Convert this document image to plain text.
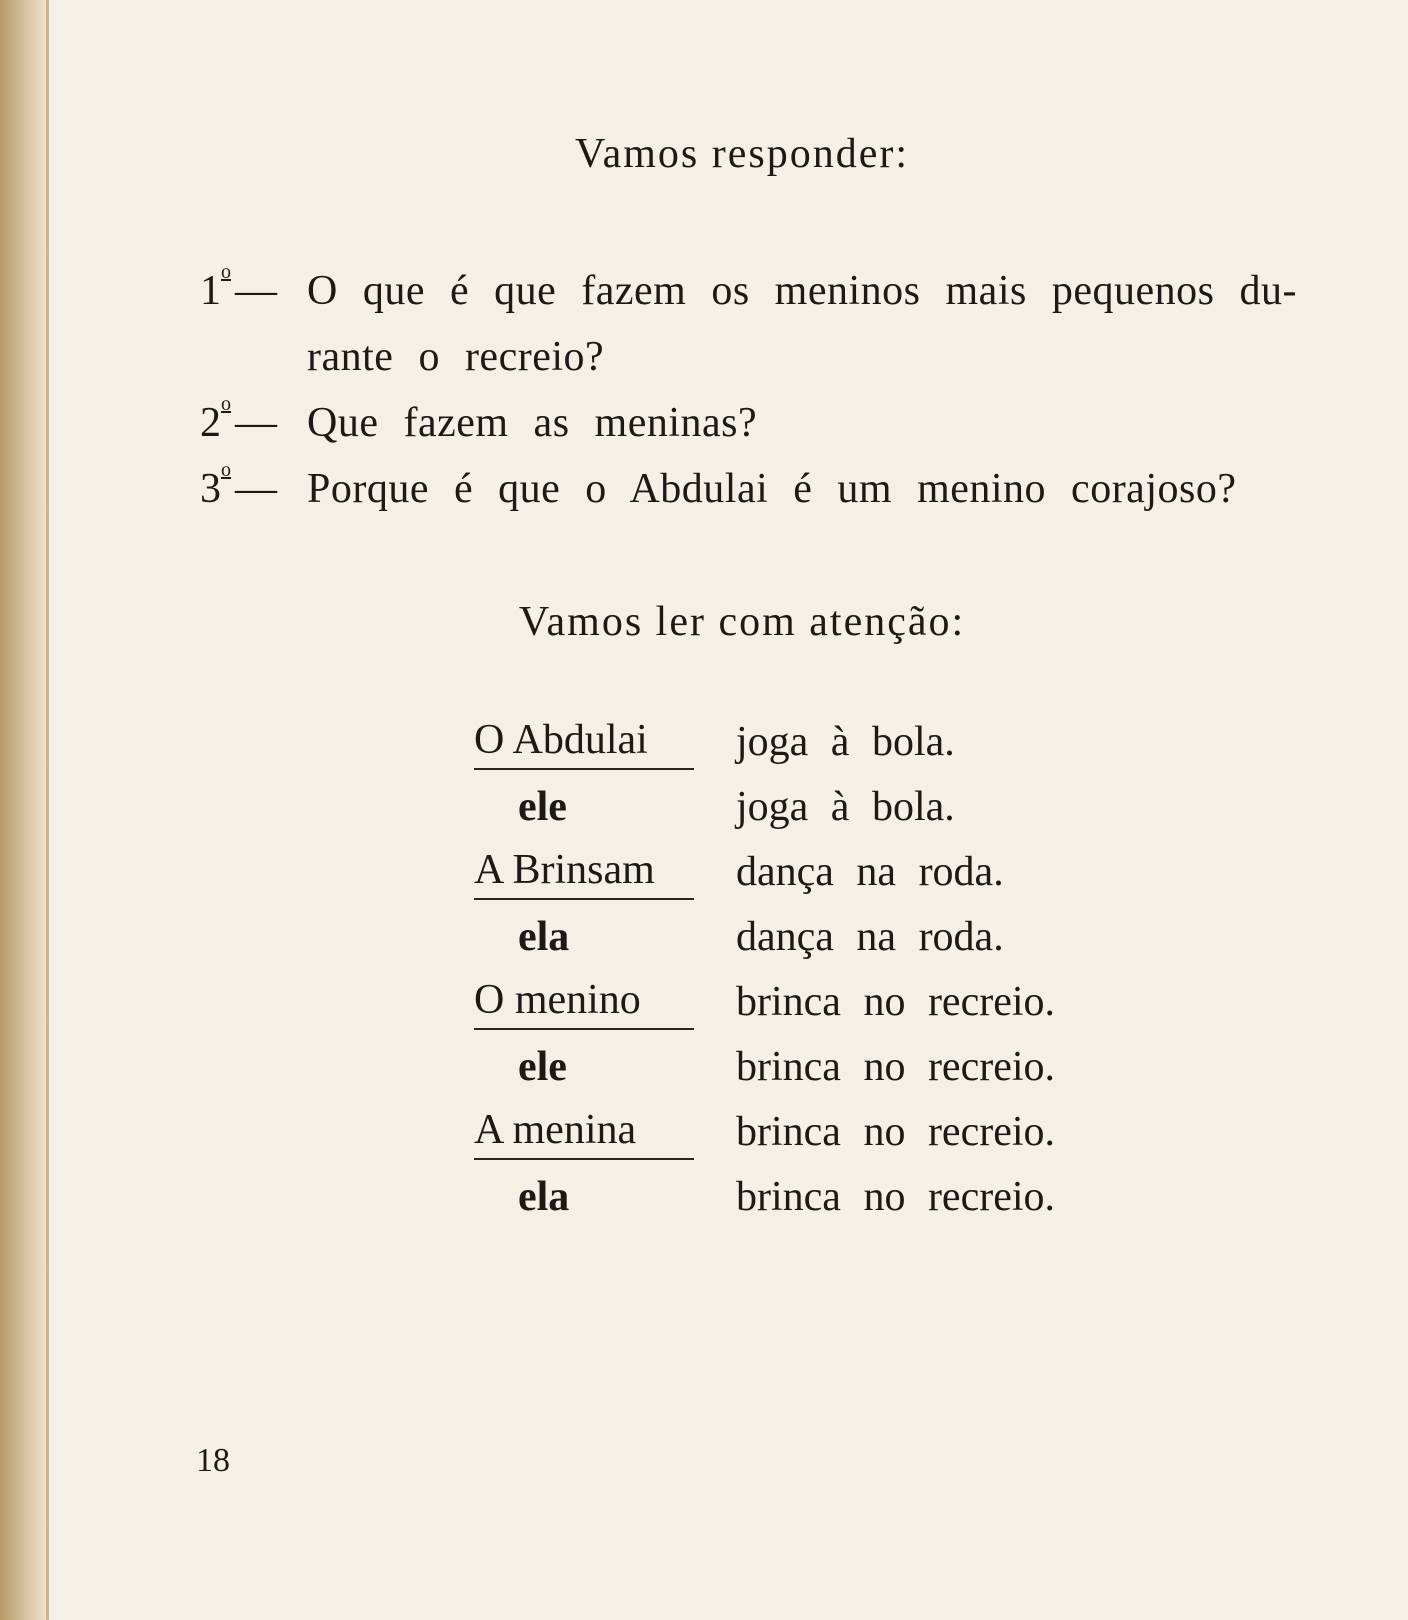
Vamos responder:
1$^o$— O que é que fazem os meninos mais pequenos du-
rante o recreio?
2$^o$— Que fazem as meninas?
3$^o$— Porque é que o Abdulai é um menino corajoso?
Vamos ler com atenção:
O Abdulai	joga à bola.
ele	joga à bola.
A Brinsam	dança na roda.
ela	dança na roda.
O menino	brinca no recreio.
ele	brinca no recreio.
A menina	brinca no recreio.
ela	brinca no recreio.

18
